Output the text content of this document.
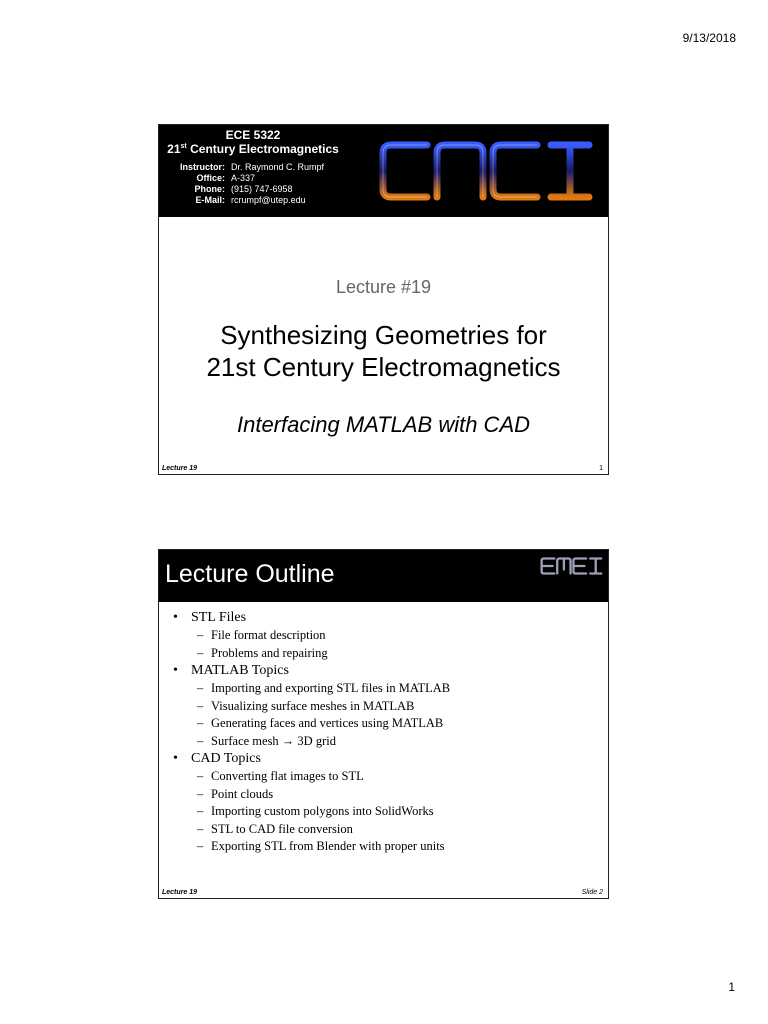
9/13/2018
ECE 5322
21st Century Electromagnetics
Instructor: Dr. Raymond C. Rumpf
Office: A-337
Phone: (915) 747-6958
E-Mail: rcrumpf@utep.edu
Lecture #19
Synthesizing Geometries for
21st Century Electromagnetics
Interfacing MATLAB with CAD
Lecture 19	1
Lecture Outline
• STL Files
– File format description
– Problems and repairing
• MATLAB Topics
– Importing and exporting STL files in MATLAB
– Visualizing surface meshes in MATLAB
– Generating faces and vertices using MATLAB
– Surface mesh → 3D grid
• CAD Topics
– Converting flat images to STL
– Point clouds
– Importing custom polygons into SolidWorks
– STL to CAD file conversion
– Exporting STL from Blender with proper units
Lecture 19	Slide 2
1
